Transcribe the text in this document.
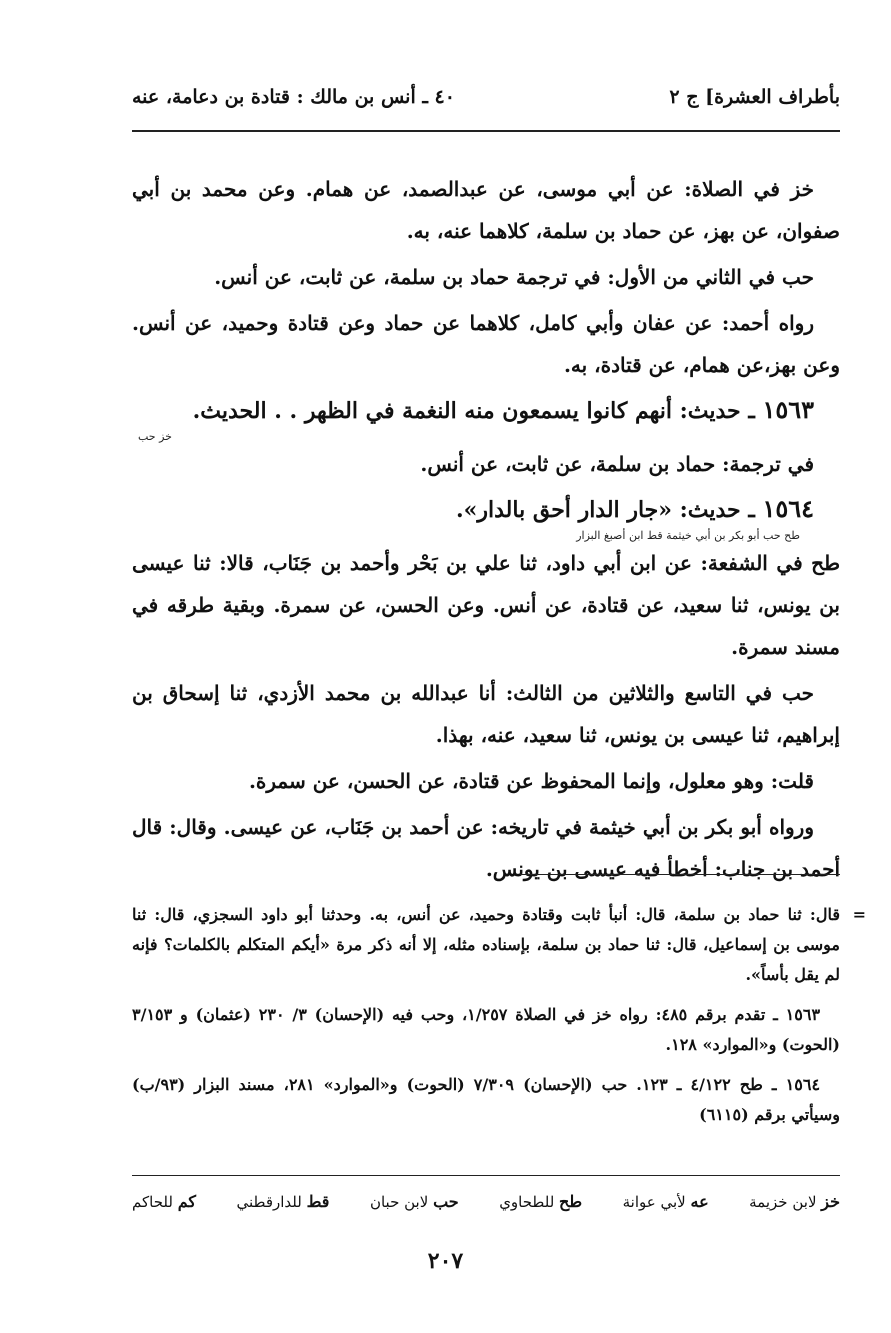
بأطراف العشرة] ج ٢
٤٠ ـ أنس بن مالك : قتادة بن دعامة، عنه

خز في الصلاة: عن أبي موسى، عن عبدالصمد، عن همام. وعن محمد بن أبي صفوان، عن بهز، عن حماد بن سلمة، كلاهما عنه، به.

حب في الثاني من الأول: في ترجمة حماد بن سلمة، عن ثابت، عن أنس.

رواه أحمد: عن عفان وأبي كامل، كلاهما عن حماد وعن قتادة وحميد، عن أنس. وعن بهز،عن همام، عن قتادة، به.

١٥٦٣ ـ حديث: أنهم كانوا يسمعون منه النغمة في الظهر . . الحديث.

خز حب

في ترجمة: حماد بن سلمة، عن ثابت، عن أنس.

١٥٦٤ ـ حديث: «جار الدار أحق بالدار».

طح حب أبو بكر بن أبي خيثمة قط ابن أصبغ البزار

طح في الشفعة: عن ابن أبي داود، ثنا علي بن بَحْر وأحمد بن جَنَاب، قالا: ثنا عيسى بن يونس، ثنا سعيد، عن قتادة، عن أنس. وعن الحسن، عن سمرة. وبقية طرقه في مسند سمرة.

حب في التاسع والثلاثين من الثالث: أنا عبدالله بن محمد الأزدي، ثنا إسحاق بن إبراهيم، ثنا عيسى بن يونس، ثنا سعيد، عنه، بهذا.

قلت: وهو معلول، وإنما المحفوظ عن قتادة، عن الحسن، عن سمرة.

ورواه أبو بكر بن أبي خيثمة في تاريخه: عن أحمد بن جَنَاب، عن عيسى. وقال: قال أحمد بن جناب: أخطأ فيه عيسى بن يونس.

=
قال: ثنا حماد بن سلمة، قال: أنبأ ثابت وقتادة وحميد، عن أنس، به. وحدثنا أبو داود السجزي، قال: ثنا موسى بن إسماعيل، قال: ثنا حماد بن سلمة، بإسناده مثله، إلا أنه ذكر مرة «أيكم المتكلم بالكلمات؟ فإنه لم يقل بأساً».

١٥٦٣ ـ تقدم برقم ٤٨٥: رواه خز في الصلاة ١/٢٥٧، وحب فيه (الإحسان) ٣/ ٢٣٠ (عثمان) و ٣/١٥٣ (الحوت) و«الموارد» ١٢٨.

١٥٦٤ ـ طح ٤/١٢٢ ـ ١٢٣. حب (الإحسان) ٧/٣٠٩ (الحوت) و«الموارد» ٢٨١، مسند البزار (٩٣/ب) وسيأتي برقم (٦١١٥)

خز لابن خزيمة
عه لأبي عوانة
طح للطحاوي
حب لابن حبان
قط للدارقطني
كم للحاكم
٢٠٧
